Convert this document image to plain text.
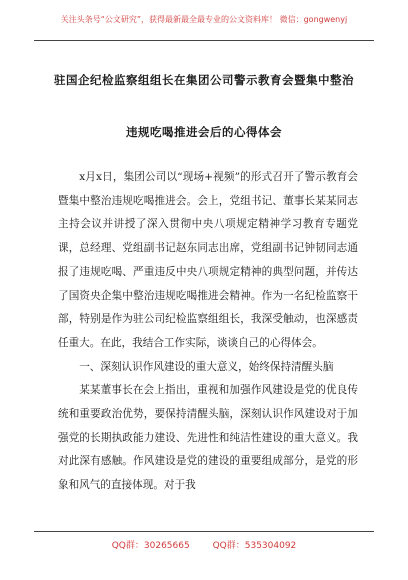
关注头条号“公文研究”，获得最新最全最专业的公文资料库！ 微信：gongwenyj
驻国企纪检监察组组长在集团公司警示教育会暨集中整治
违规吃喝推进会后的心得体会

x月x日，集团公司以“现场+视频”的形式召开了警示教育会暨集中整治违规吃喝推进会。会上，党组书记、董事长某某同志主持会议并讲授了深入贯彻中央八项规定精神学习教育专题党课，总经理、党组副书记赵东同志出席，党组副书记钟韧同志通报了违规吃喝、严重违反中央八项规定精神的典型问题，并传达了国资央企集中整治违规吃喝推进会精神。作为一名纪检监察干部，特别是作为驻公司纪检监察组组长，我深受触动，也深感责任重大。在此，我结合工作实际，谈谈自己的心得体会。

一、深刻认识作风建设的重大意义，始终保持清醒头脑

某某董事长在会上指出，重视和加强作风建设是党的优良传统和重要政治优势，要保持清醒头脑，深刻认识作风建设对于加强党的长期执政能力建设、先进性和纯洁性建设的重大意义。我对此深有感触。作风建设是党的建设的重要组成部分，是党的形象和风气的直接体现。对于我

QQ群：30265665	QQ群：535304092
